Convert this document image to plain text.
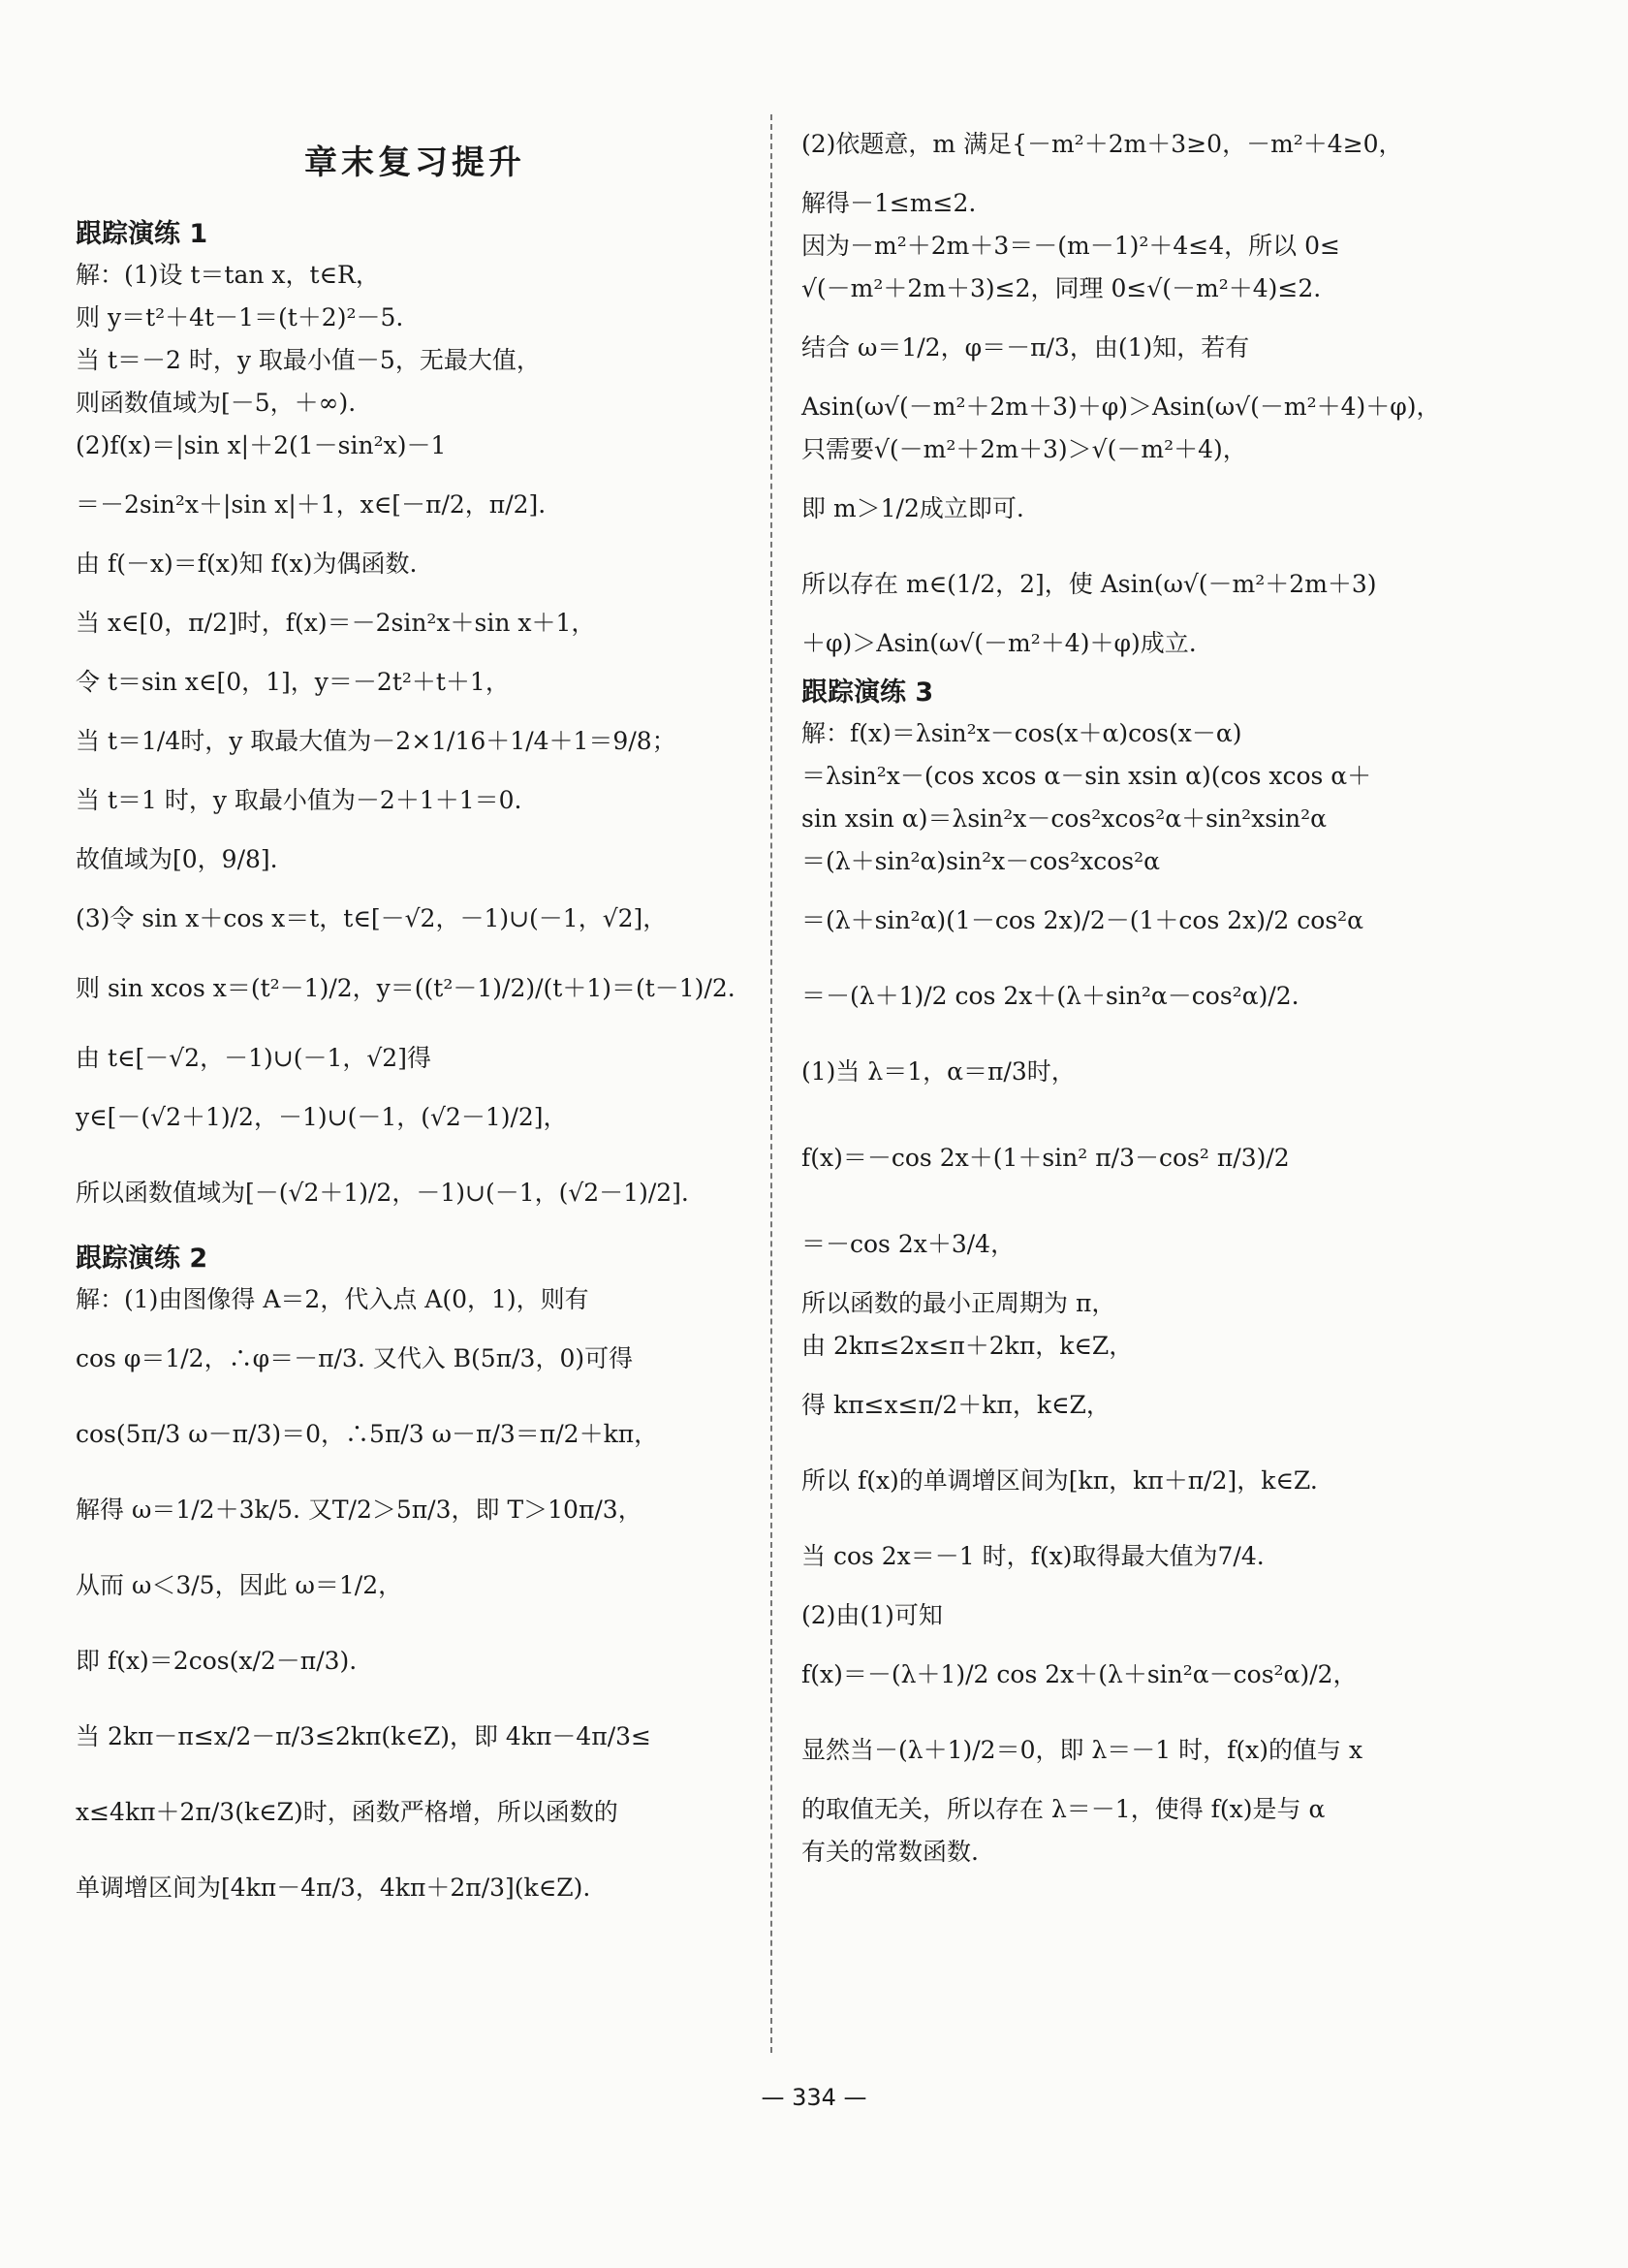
章末复习提升
跟踪演练 1
解：(1)设 t＝tan x，t∈R，
则 y＝t²＋4t－1＝(t＋2)²－5.
当 t＝－2 时，y 取最小值－5，无最大值，
则函数值域为[－5，＋∞).
(2)f(x)＝|sin x|＋2(1－sin²x)－1
＝－2sin²x＋|sin x|＋1，x∈[－π/2，π/2].
由 f(－x)＝f(x)知 f(x)为偶函数.
当 x∈[0，π/2]时，f(x)＝－2sin²x＋sin x＋1，
令 t＝sin x∈[0，1]，y＝－2t²＋t＋1，
当 t＝1/4时，y 取最大值为－2×1/16＋1/4＋1＝9/8；
当 t＝1 时，y 取最小值为－2＋1＋1＝0.
故值域为[0，9/8].
(3)令 sin x＋cos x＝t，t∈[－√2，－1)∪(－1，√2]，
则 sin xcos x＝(t²－1)/2，y＝((t²－1)/2)/(t＋1)＝(t－1)/2.
由 t∈[－√2，－1)∪(－1，√2]得
y∈[－(√2＋1)/2，－1)∪(－1，(√2－1)/2]，
所以函数值域为[－(√2＋1)/2，－1)∪(－1，(√2－1)/2].
跟踪演练 2
解：(1)由图像得 A＝2，代入点 A(0，1)，则有
cos φ＝1/2，∴φ＝－π/3. 又代入 B(5π/3，0)可得
cos(5π/3 ω－π/3)＝0，∴5π/3 ω－π/3＝π/2＋kπ，
解得 ω＝1/2＋3k/5. 又T/2＞5π/3，即 T＞10π/3，
从而 ω＜3/5，因此 ω＝1/2，
即 f(x)＝2cos(x/2－π/3).
当 2kπ－π≤x/2－π/3≤2kπ(k∈Z)，即 4kπ－4π/3≤
x≤4kπ＋2π/3(k∈Z)时，函数严格增，所以函数的
单调增区间为[4kπ－4π/3，4kπ＋2π/3](k∈Z).
(2)依题意，m 满足{－m²＋2m＋3≥0，－m²＋4≥0，
解得－1≤m≤2.
因为－m²＋2m＋3＝－(m－1)²＋4≤4，所以 0≤
√(－m²＋2m＋3)≤2，同理 0≤√(－m²＋4)≤2.
结合 ω＝1/2，φ＝－π/3，由(1)知，若有
Asin(ω√(－m²＋2m＋3)＋φ)＞Asin(ω√(－m²＋4)＋φ)，
只需要√(－m²＋2m＋3)＞√(－m²＋4)，
即 m＞1/2成立即可.
所以存在 m∈(1/2，2]，使 Asin(ω√(－m²＋2m＋3)
＋φ)＞Asin(ω√(－m²＋4)＋φ)成立.
跟踪演练 3
解：f(x)＝λsin²x－cos(x＋α)cos(x－α)
＝λsin²x－(cos xcos α－sin xsin α)(cos xcos α＋
sin xsin α)＝λsin²x－cos²xcos²α＋sin²xsin²α
＝(λ＋sin²α)sin²x－cos²xcos²α
＝(λ＋sin²α)(1－cos 2x)/2－(1＋cos 2x)/2 cos²α
＝－(λ＋1)/2 cos 2x＋(λ＋sin²α－cos²α)/2.
(1)当 λ＝1，α＝π/3时，
f(x)＝－cos 2x＋(1＋sin² π/3－cos² π/3)/2
＝－cos 2x＋3/4，
所以函数的最小正周期为 π，
由 2kπ≤2x≤π＋2kπ，k∈Z，
得 kπ≤x≤π/2＋kπ，k∈Z，
所以 f(x)的单调增区间为[kπ，kπ＋π/2]，k∈Z.
当 cos 2x＝－1 时，f(x)取得最大值为7/4.
(2)由(1)可知
f(x)＝－(λ＋1)/2 cos 2x＋(λ＋sin²α－cos²α)/2，
显然当－(λ＋1)/2＝0，即 λ＝－1 时，f(x)的值与 x
的取值无关，所以存在 λ＝－1，使得 f(x)是与 α
有关的常数函数.
— 334 —
